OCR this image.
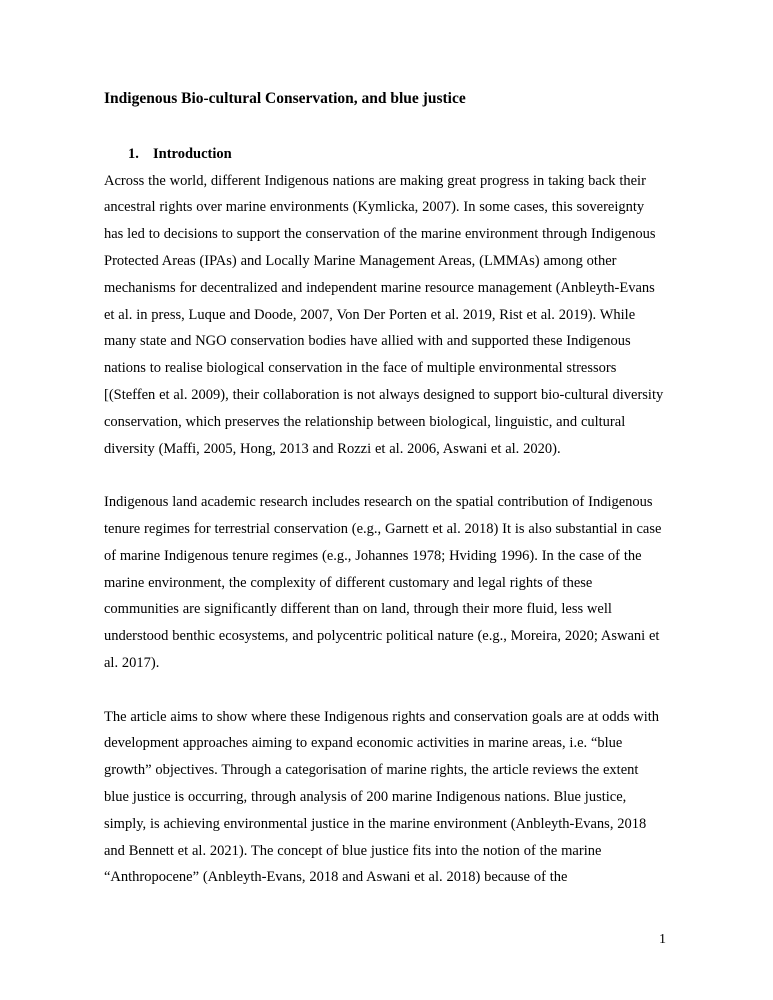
Indigenous Bio-cultural Conservation, and blue justice
1. Introduction

Across the world, different Indigenous nations are making great progress in taking back their ancestral rights over marine environments (Kymlicka, 2007). In some cases, this sovereignty has led to decisions to support the conservation of the marine environment through Indigenous Protected Areas (IPAs) and Locally Marine Management Areas, (LMMAs) among other mechanisms for decentralized and independent marine resource management (Anbleyth-Evans et al. in press, Luque and Doode, 2007, Von Der Porten et al. 2019, Rist et al. 2019). While many state and NGO conservation bodies have allied with and supported these Indigenous nations to realise biological conservation in the face of multiple environmental stressors [(Steffen et al. 2009), their collaboration is not always designed to support bio-cultural diversity conservation, which preserves the relationship between biological, linguistic, and cultural diversity (Maffi, 2005, Hong, 2013 and Rozzi et al. 2006, Aswani et al. 2020).

Indigenous land academic research includes research on the spatial contribution of Indigenous tenure regimes for terrestrial conservation (e.g., Garnett et al. 2018) It is also substantial in case of marine Indigenous tenure regimes (e.g., Johannes 1978; Hviding 1996). In the case of the marine environment, the complexity of different customary and legal rights of these communities are significantly different than on land, through their more fluid, less well understood benthic ecosystems, and polycentric political nature (e.g., Moreira, 2020; Aswani et al. 2017).

The article aims to show where these Indigenous rights and conservation goals are at odds with development approaches aiming to expand economic activities in marine areas, i.e. “blue growth” objectives. Through a categorisation of marine rights, the article reviews the extent blue justice is occurring, through analysis of 200 marine Indigenous nations. Blue justice, simply, is achieving environmental justice in the marine environment (Anbleyth-Evans, 2018 and Bennett et al. 2021). The concept of blue justice fits into the notion of the marine “Anthropocene” (Anbleyth-Evans, 2018 and Aswani et al. 2018) because of the

1
